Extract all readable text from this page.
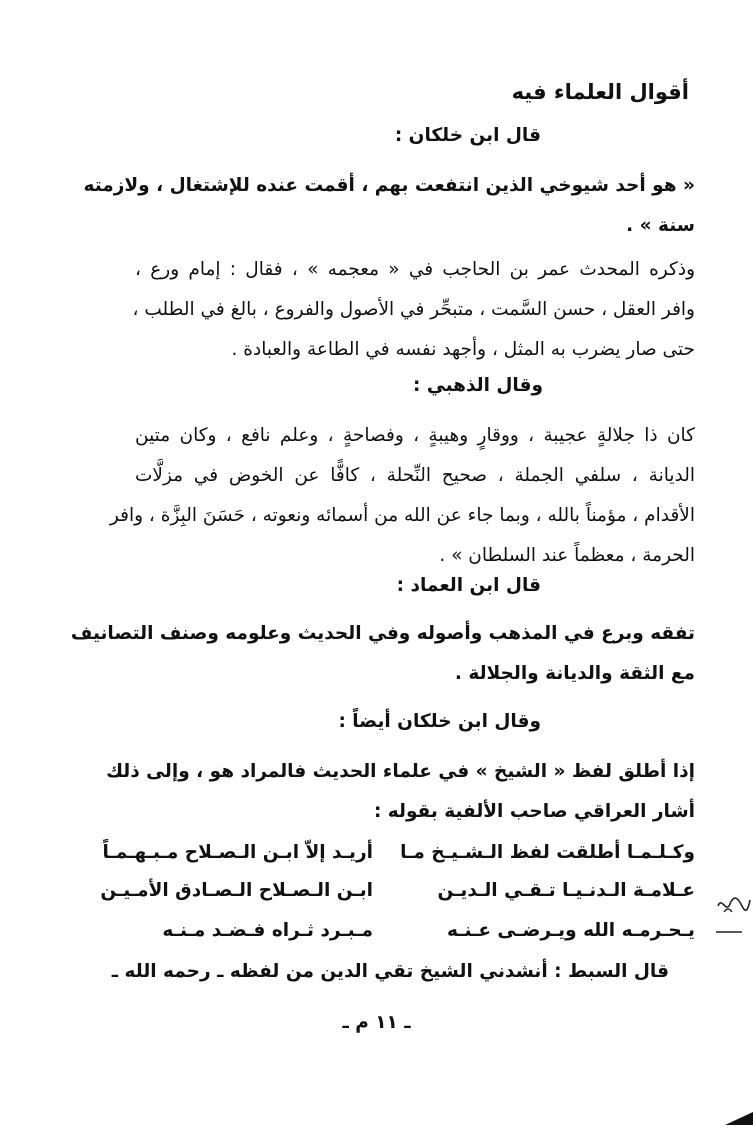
أقوال العلماء فيه
قال ابن خلكان :
« هو أحد شيوخي الذين انتفعت بهم ، أقمت عنده للإشتغال ، ولازمته
سنة » .
وذكره المحدث عمر بن الحاجب في « معجمه » ، فقال : إمام ورع ،
وافر العقل ، حسن السَّمت ، متبحِّر في الأصول والفروع ، بالغ في الطلب ،
حتى صار يضرب به المثل ، وأجهد نفسه في الطاعة والعبادة .
وقال الذهبي :
كان ذا جلالةٍ عجيبة ، ووقارٍ وهيبةٍ ، وفصاحةٍ ، وعلم نافع ، وكان متين
الديانة ، سلفي الجملة ، صحيح النِّحلة ، كافًّا عن الخوض في مزلَّات
الأقدام ، مؤمناً بالله ، وبما جاء عن الله من أسمائه ونعوته ، حَسَنَ البِزَّة ، وافر
الحرمة ، معظماً عند السلطان » .
قال ابن العماد :
تفقه وبرع في المذهب وأصوله وفي الحديث وعلومه وصنف التصانيف
مع الثقة والديانة والجلالة .
وقال ابن خلكان أيضاً :
إذا أطلق لفظ « الشيخ » في علماء الحديث فالمراد هو ، وإلى ذلك
أشار العراقي صاحب الألفية بقوله :
وكـلـمـا أطلقت لفظ الـشـيـخ مـا
أريـد إلاّ ابـن الـصـلاح مـبـهـمـاً
عـلامـة الـدنـيـا تـقـي الـديـن
ابـن الـصـلاح الـصـادق الأمـيـن
يـحـرمـه الله ويـرضـى عـنـه
مـبـرد ثـراه فـضـد مـنـه
قال السبط : أنشدني الشيخ تقي الدين من لفظه ـ رحمه الله ـ
ـ ١١ م ـ
